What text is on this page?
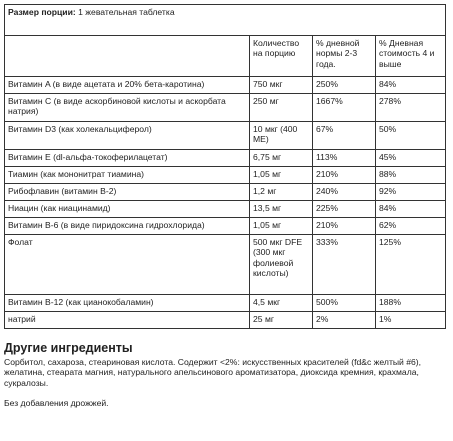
Размер порции: 1 жевательная таблетка			
	Количество на порцию	% дневной нормы 2-3 года.	% Дневная стоимость 4 и выше
Витамин A (в виде ацетата и 20% бета-каротина)	750 мкг	250%	84%
Витамин C (в виде аскорбиновой кислоты и аскорбата натрия)	250 мг	1667%	278%
Витамин D3 (как холекальциферол)	10 мкг (400 МЕ)	67%	50%
Витамин E (dl-альфа-токоферилацетат)	6,75 мг	113%	45%
Тиамин (как мононитрат тиамина)	1,05 мг	210%	88%
Рибофлавин (витамин B-2)	1,2 мг	240%	92%
Ниацин (как ниацинамид)	13,5 мг	225%	84%
Витамин B-6 (в виде пиридоксина гидрохлорида)	1,05 мг	210%	62%
Фолат	500 мкг DFE (300 мкг фолиевой кислоты)	333%	125%
Витамин B-12 (как цианокобаламин)	4,5 мкг	500%	188%
натрий	25 мг	2%	1%
Другие ингредиенты

Сорбитол, сахароза, стеариновая кислота. Содержит <2%: искусственных красителей (fd&c желтый #6), желатина, стеарата магния, натурального апельсинового ароматизатора, диоксида кремния, крахмала, сукралозы.

Без добавления дрожжей.
